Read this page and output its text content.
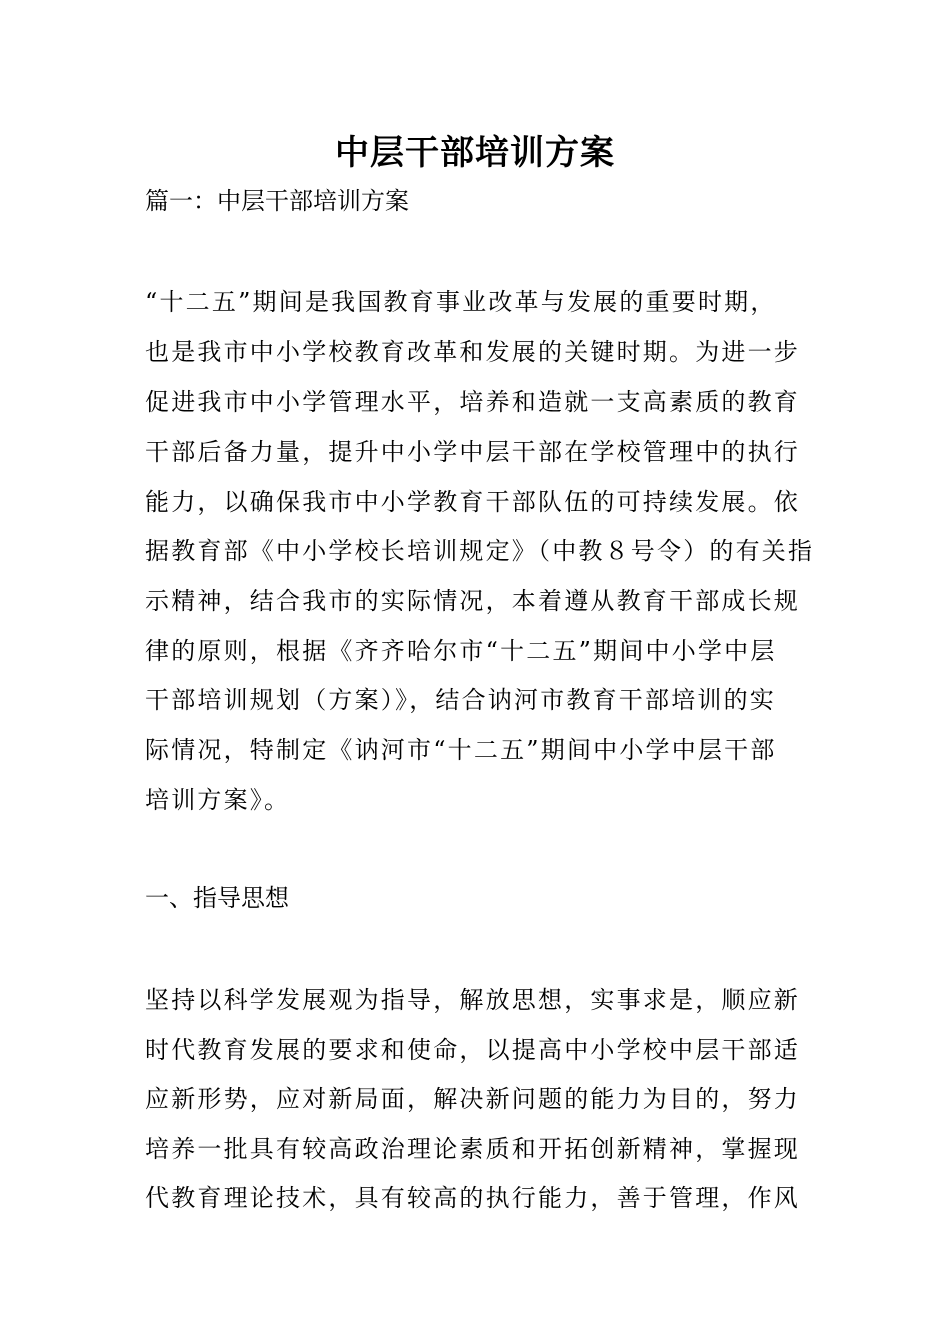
中层干部培训方案
篇一：中层干部培训方案
“十二五”期间是我国教育事业改革与发展的重要时期，
也是我市中小学校教育改革和发展的关键时期。为进一步
促进我市中小学管理水平，培养和造就一支高素质的教育
干部后备力量，提升中小学中层干部在学校管理中的执行
能力，以确保我市中小学教育干部队伍的可持续发展。依
据教育部《中小学校长培训规定》（中教８号令）的有关指
示精神，结合我市的实际情况，本着遵从教育干部成长规
律的原则，根据《齐齐哈尔市“十二五”期间中小学中层
干部培训规划（方案）》，结合讷河市教育干部培训的实
际情况，特制定《讷河市“十二五”期间中小学中层干部
培训方案》。
一、指导思想
坚持以科学发展观为指导，解放思想，实事求是，顺应新
时代教育发展的要求和使命，以提高中小学校中层干部适
应新形势，应对新局面，解决新问题的能力为目的，努力
培养一批具有较高政治理论素质和开拓创新精神，掌握现
代教育理论技术，具有较高的执行能力，善于管理，作风
